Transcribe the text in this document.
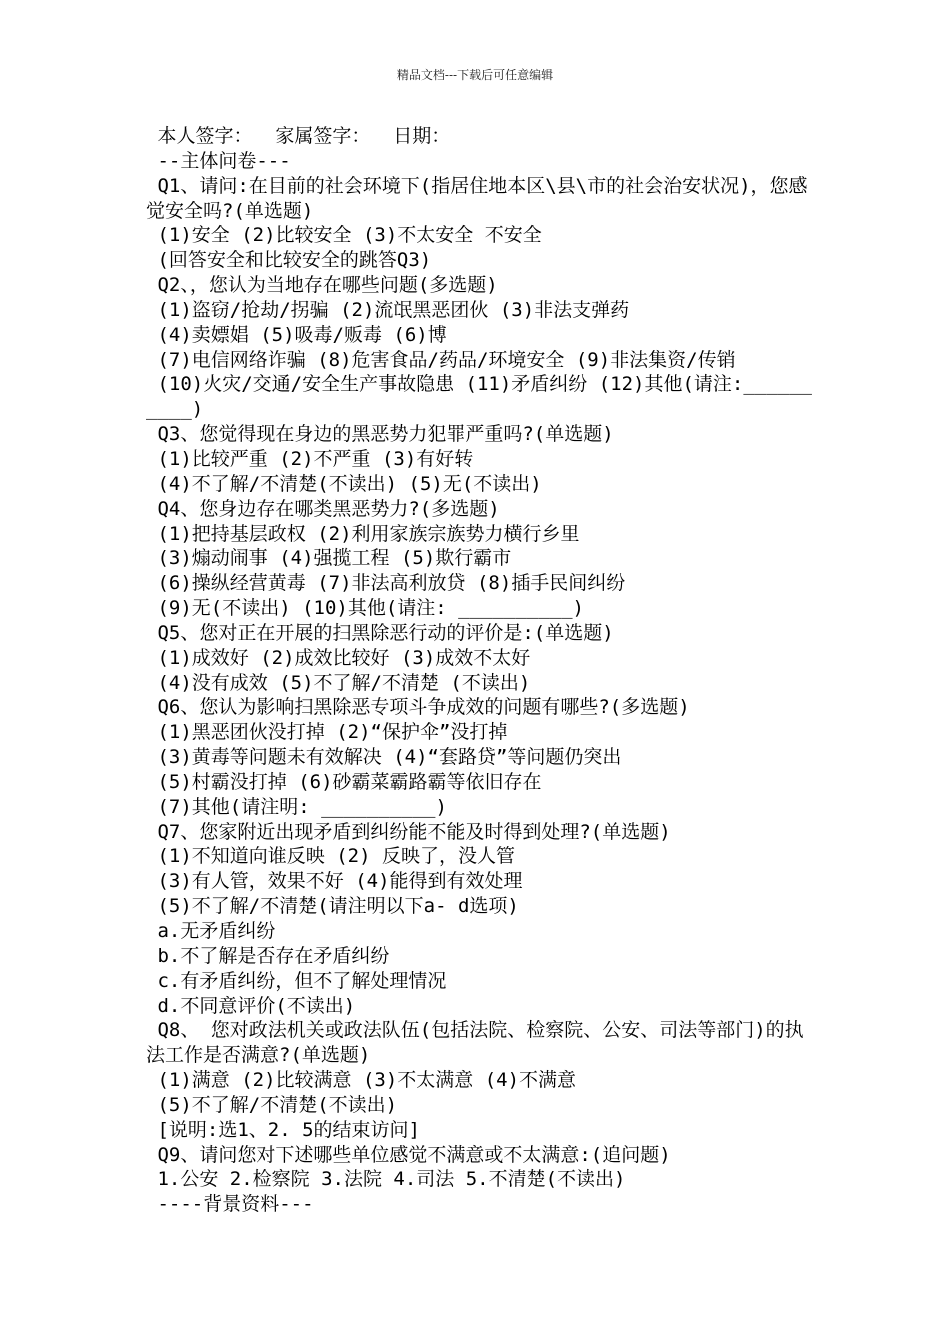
精品文档---下载后可任意编辑
本人签字：  家属签字：  日期：
--主体问卷---
Q1、请问:在目前的社会环境下(指居住地本区\县\市的社会治安状况)，您感觉安全吗?(单选题)
(1)安全 (2)比较安全 (3)不太安全 不安全
(回答安全和比较安全的跳答Q3)
Q2、，您认为当地存在哪些问题(多选题)
(1)盗窃/抢劫/拐骗 (2)流氓黑恶团伙 (3)非法支弹药
(4)卖嫖娼 (5)吸毒/贩毒 (6)博
(7)电信网络诈骗 (8)危害食品/药品/环境安全 (9)非法集资/传销
(10)火灾/交通/安全生产事故隐患 (11)矛盾纠纷 (12)其他(请注:__________)
Q3、您觉得现在身边的黑恶势力犯罪严重吗?(单选题)
(1)比较严重 (2)不严重 (3)有好转
(4)不了解/不清楚(不读出) (5)无(不读出)
Q4、您身边存在哪类黑恶势力?(多选题)
(1)把持基层政权 (2)利用家族宗族势力横行乡里
(3)煽动闹事 (4)强揽工程 (5)欺行霸市
(6)操纵经营黄毒 (7)非法高利放贷 (8)插手民间纠纷
(9)无(不读出) (10)其他(请注: __________)
Q5、您对正在开展的扫黑除恶行动的评价是:(单选题)
(1)成效好 (2)成效比较好 (3)成效不太好
(4)没有成效 (5)不了解/不清楚 (不读出)
Q6、您认为影响扫黑除恶专项斗争成效的问题有哪些?(多选题)
(1)黑恶团伙没打掉 (2)“保护伞”没打掉
(3)黄毒等问题未有效解决 (4)“套路贷”等问题仍突出
(5)村霸没打掉 (6)砂霸菜霸路霸等依旧存在
(7)其他(请注明: __________)
Q7、您家附近出现矛盾到纠纷能不能及时得到处理?(单选题)
(1)不知道向谁反映 (2) 反映了，没人管
(3)有人管，效果不好 (4)能得到有效处理
(5)不了解/不清楚(请注明以下a- d选项)
a.无矛盾纠纷
b.不了解是否存在矛盾纠纷
c.有矛盾纠纷，但不了解处理情况
d.不同意评价(不读出)
Q8、 您对政法机关或政法队伍(包括法院、检察院、公安、司法等部门)的执法工作是否满意?(单选题)
(1)满意 (2)比较满意 (3)不太满意 (4)不满意
(5)不了解/不清楚(不读出)
[说明:选1、2. 5的结束访问]
Q9、请问您对下述哪些单位感觉不满意或不太满意:(追问题)
1.公安 2.检察院 3.法院 4.司法 5.不清楚(不读出)
----背景资料---
